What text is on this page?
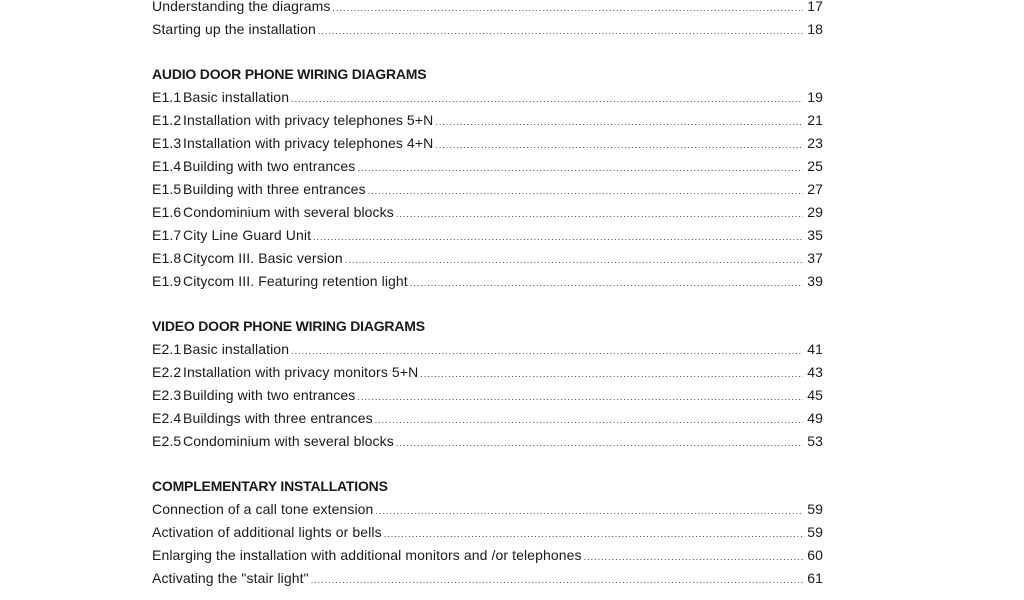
Understanding the diagrams .....	17
Starting up the installation .....	18
AUDIO DOOR PHONE WIRING DIAGRAMS
E1.1 Basic installation .....	19
E1.2 Installation with privacy telephones 5+N .....	21
E1.3 Installation with privacy telephones 4+N .....	23
E1.4 Building with two entrances .....	25
E1.5 Building with three entrances .....	27
E1.6 Condominium with several blocks .....	29
E1.7 City Line Guard Unit .....	35
E1.8 Citycom III. Basic version .....	37
E1.9 Citycom III. Featuring retention light .....	39
VIDEO DOOR PHONE WIRING DIAGRAMS
E2.1 Basic installation .....	41
E2.2 Installation with privacy monitors 5+N .....	43
E2.3 Building with two entrances .....	45
E2.4 Buildings with three entrances .....	49
E2.5 Condominium with several blocks .....	53
COMPLEMENTARY INSTALLATIONS
Connection of a call tone extension .....	59
Activation of additional lights or bells .....	59
Enlarging the installation with additional monitors and /or telephones .....	60
Activating the "stair light" .....	61
